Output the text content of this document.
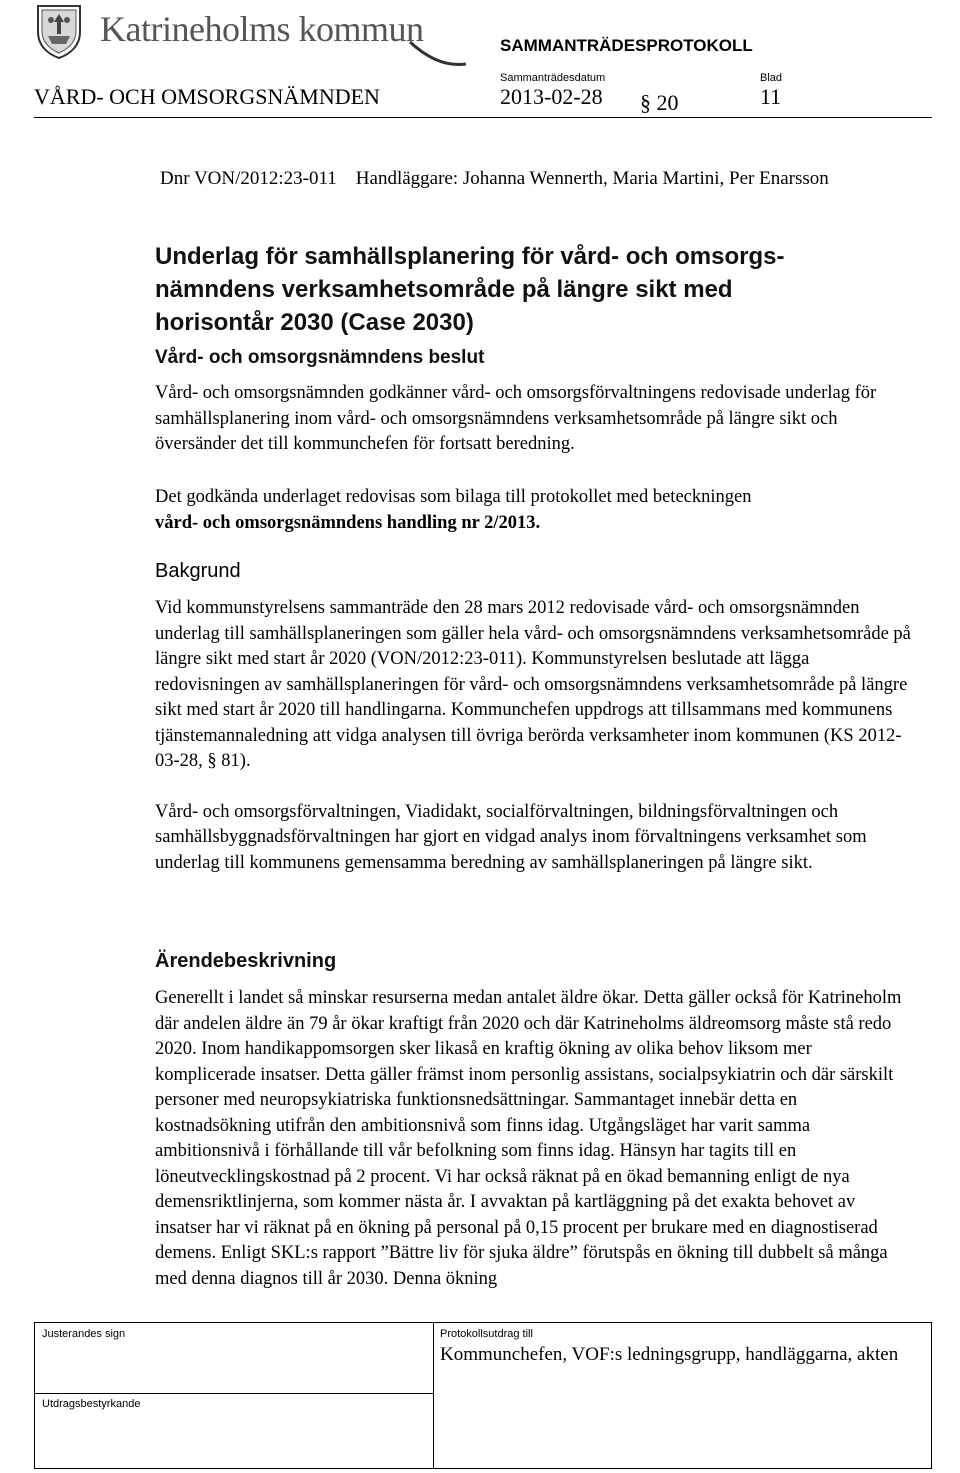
Katrineholms kommun	SAMMANTRÄDESPROTOKOLL
VÅRD- OCH OMSORGSNÄMNDEN
Sammanträdesdatum
2013-02-28 § 20
Blad
11
Dnr VON/2012:23-011    Handläggare: Johanna Wennerth, Maria Martini, Per Enarsson
Underlag för samhällsplanering för vård- och omsorgs-
nämndens verksamhetsområde på längre sikt med
horisontår 2030 (Case 2030)
Vård- och omsorgsnämndens beslut

Vård- och omsorgsnämnden godkänner vård- och omsorgsförvaltningens redovisade underlag för samhällsplanering inom vård- och omsorgsnämndens verksamhetsområde på längre sikt och översänder det till kommunchefen för fortsatt beredning.

Det godkända underlaget redovisas som bilaga till protokollet med beteckningen
vård- och omsorgsnämndens handling nr 2/2013.

Bakgrund

Vid kommunstyrelsens sammanträde den 28 mars 2012 redovisade vård- och omsorgsnämnden underlag till samhällsplaneringen som gäller hela vård- och omsorgsnämndens verksamhetsområde på längre sikt med start år 2020 (VON/2012:23-011). Kommunstyrelsen beslutade att lägga redovisningen av samhällsplaneringen för vård- och omsorgsnämndens verksamhetsområde på längre sikt med start år 2020 till handlingarna. Kommunchefen uppdrogs att tillsammans med kommunens tjänstemannaledning att vidga analysen till övriga berörda verksamheter inom kommunen (KS 2012-03-28, § 81).

Vård- och omsorgsförvaltningen, Viadidakt, socialförvaltningen, bildningsförvaltningen och samhällsbyggnadsförvaltningen har gjort en vidgad analys inom förvaltningens verksamhet som underlag till kommunens gemensamma beredning av samhällsplaneringen på längre sikt.

Ärendebeskrivning

Generellt i landet så minskar resurserna medan antalet äldre ökar. Detta gäller också för Katrineholm där andelen äldre än 79 år ökar kraftigt från 2020 och där Katrineholms äldreomsorg måste stå redo 2020. Inom handikappomsorgen sker likaså en kraftig ökning av olika behov liksom mer komplicerade insatser. Detta gäller främst inom personlig assistans, socialpsykiatrin och där särskilt personer med neuropsykiatriska funktionsnedsättningar. Sammantaget innebär detta en kostnadsökning utifrån den ambitionsnivå som finns idag. Utgångsläget har varit samma ambitionsnivå i förhållande till vår befolkning som finns idag. Hänsyn har tagits till en löneutvecklingskostnad på 2 procent. Vi har också räknat på en ökad bemanning enligt de nya demensriktlinjerna, som kommer nästa år. I avvaktan på kartläggning på det exakta behovet av insatser har vi räknat på en ökning på personal på 0,15 procent per brukare med en diagnostiserad demens. Enligt SKL:s rapport ”Bättre liv för sjuka äldre” förutspås en ökning till dubbelt så många med denna diagnos till år 2030. Denna ökning

Justerandes sign
Utdragsbestyrkande
Protokollsutdrag till
Kommunchefen, VOF:s ledningsgrupp, handläggarna, akten
